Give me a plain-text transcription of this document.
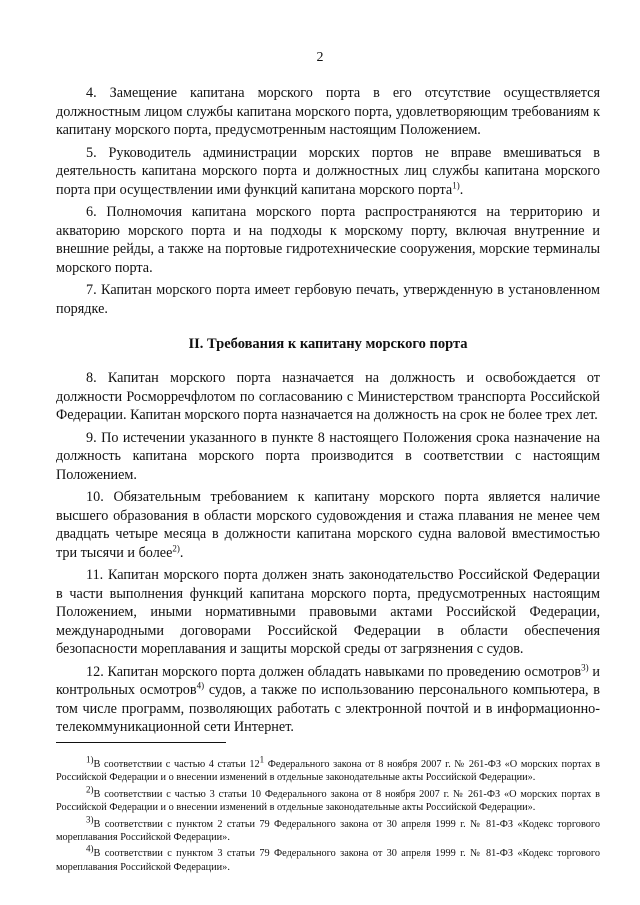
2

4. Замещение капитана морского порта в его отсутствие осуществляется должностным лицом службы капитана морского порта, удовлетворяющим требованиям к капитану морского порта, предусмотренным настоящим Положением.

5. Руководитель администрации морских портов не вправе вмешиваться в деятельность капитана морского порта и должностных лиц службы капитана морского порта при осуществлении ими функций капитана морского порта$^{1)}$.

6. Полномочия капитана морского порта распространяются на территорию и акваторию морского порта и на подходы к морскому порту, включая внутренние и внешние рейды, а также на портовые гидротехнические сооружения, морские терминалы морского порта.

7. Капитан морского порта имеет гербовую печать, утвержденную в установленном порядке.

II. Требования к капитану морского порта

8. Капитан морского порта назначается на должность и освобождается от должности Росморречфлотом по согласованию с Министерством транспорта Российской Федерации. Капитан морского порта назначается на должность на срок не более трех лет.

9. По истечении указанного в пункте 8 настоящего Положения срока назначение на должность капитана морского порта производится в соответствии с настоящим Положением.

10. Обязательным требованием к капитану морского порта является наличие высшего образования в области морского судовождения и стажа плавания не менее чем двадцать четыре месяца в должности капитана морского судна валовой вместимостью три тысячи и более$^{2)}$.

11. Капитан морского порта должен знать законодательство Российской Федерации в части выполнения функций капитана морского порта, предусмотренных настоящим Положением, иными нормативными правовыми актами Российской Федерации, международными договорами Российской Федерации в области обеспечения безопасности мореплавания и защиты морской среды от загрязнения с судов.

12. Капитан морского порта должен обладать навыками по проведению осмотров$^{3)}$ и контрольных осмотров$^{4)}$ судов, а также по использованию персонального компьютера, в том числе программ, позволяющих работать с электронной почтой и в информационно-телекоммуникационной сети Интернет.

$^{1)}$В соответствии с частью 4 статьи $12^1$ Федерального закона от 8 ноября 2007 г. № 261-ФЗ «О морских портах в Российской Федерации и о внесении изменений в отдельные законодательные акты Российской Федерации».

$^{2)}$В соответствии с частью 3 статьи 10 Федерального закона от 8 ноября 2007 г. № 261-ФЗ «О морских портах в Российской Федерации и о внесении изменений в отдельные законодательные акты Российской Федерации».

$^{3)}$В соответствии с пунктом 2 статьи 79 Федерального закона от 30 апреля 1999 г. № 81-ФЗ «Кодекс торгового мореплавания Российской Федерации».

$^{4)}$В соответствии с пунктом 3 статьи 79 Федерального закона от 30 апреля 1999 г. № 81-ФЗ «Кодекс торгового мореплавания Российской Федерации».
